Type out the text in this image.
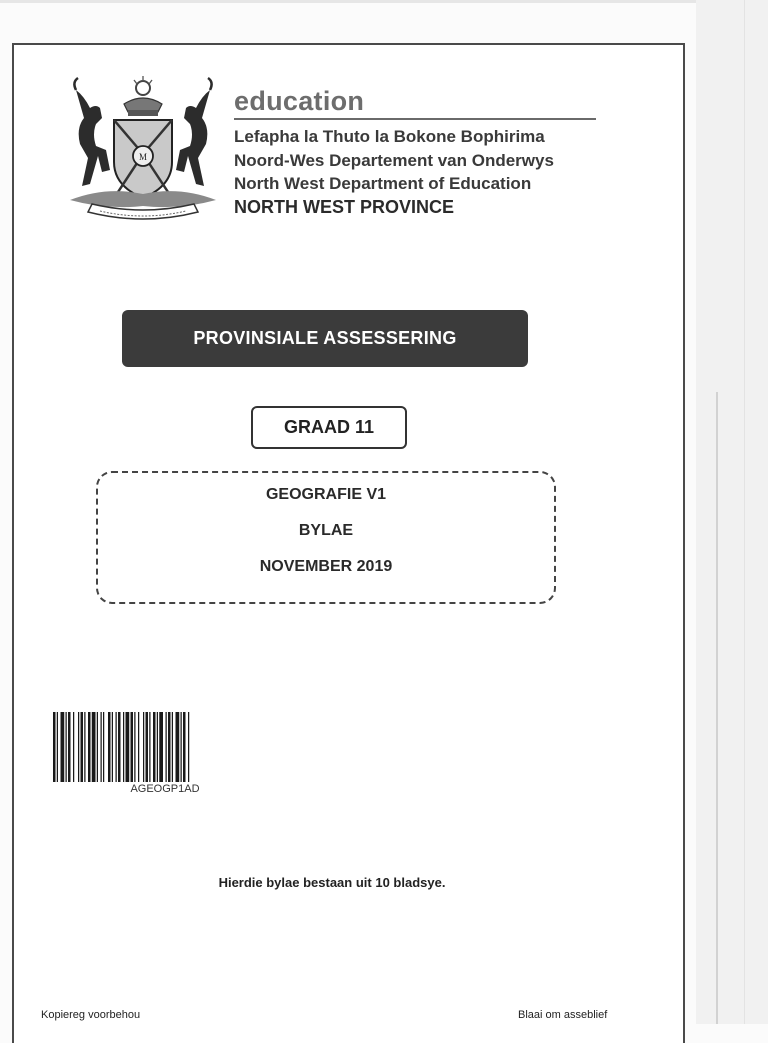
M
education
Lefapha la Thuto la Bokone Bophirima
Noord-Wes Departement van Onderwys
North West Department of Education
NORTH WEST PROVINCE
PROVINSIALE ASSESSERING
GRAAD 11
GEOGRAFIE V1
BYLAE
NOVEMBER 2019
AGEOGP1AD
Hierdie bylae bestaan uit 10 bladsye.
Kopiereg voorbehou	Blaai om asseblief
